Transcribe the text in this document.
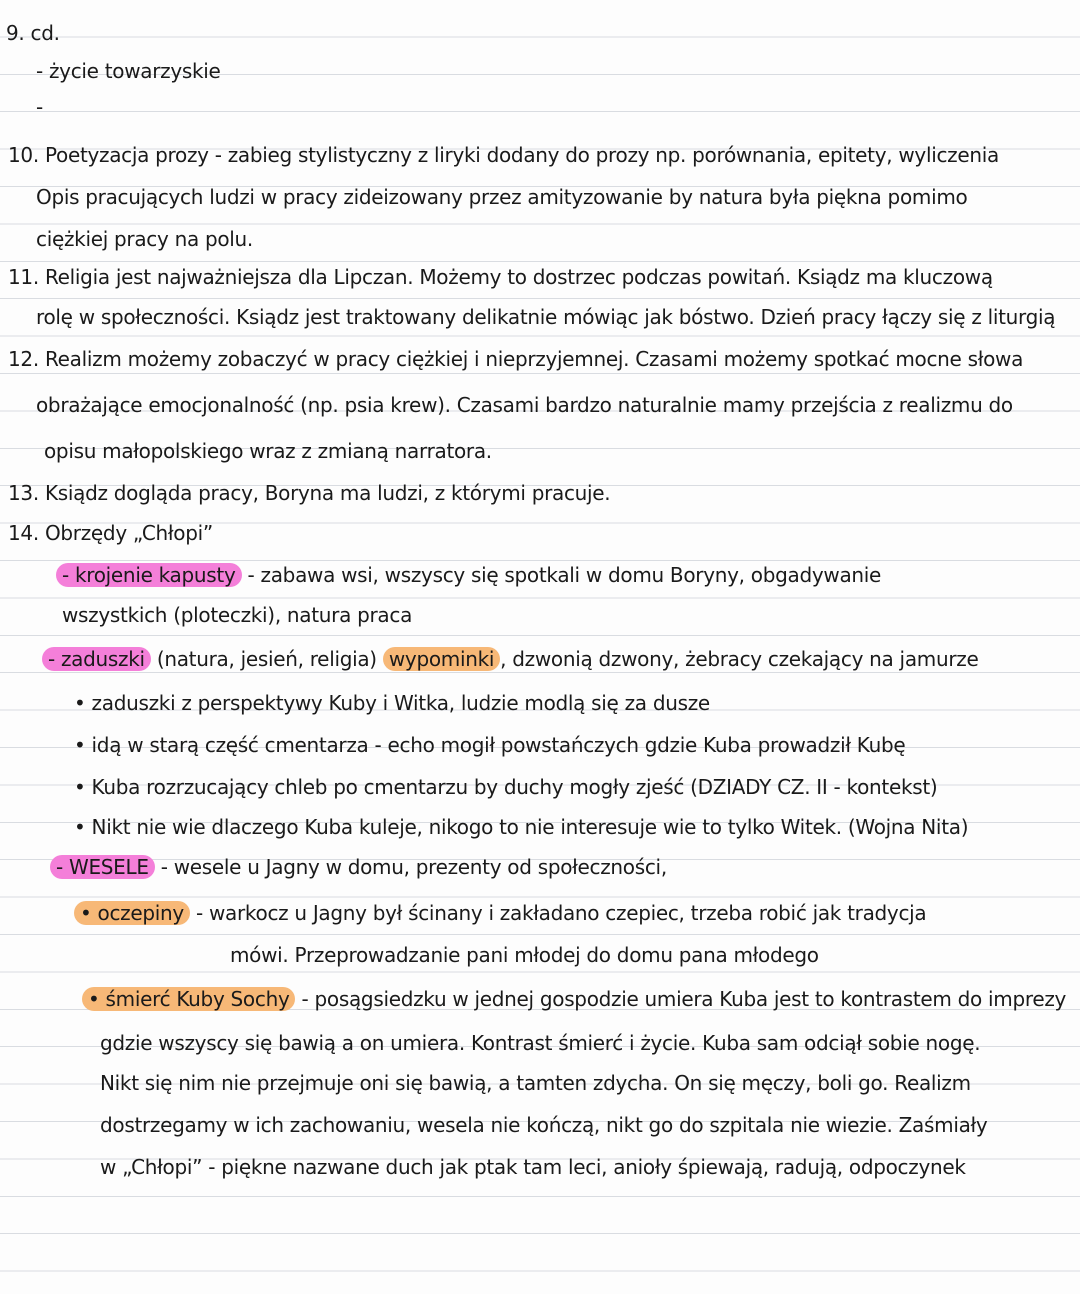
9. cd.
- życie towarzyskie
-
10. Poetyzacja prozy - zabieg stylistyczny z liryki dodany do prozy np. porównania, epitety, wyliczenia
Opis pracujących ludzi w pracy zideizowany przez amityzowanie by natura była piękna pomimo
ciężkiej pracy na polu.
11. Religia jest najważniejsza dla Lipczan. Możemy to dostrzec podczas powitań. Ksiądz ma kluczową
rolę w społeczności. Ksiądz jest traktowany delikatnie mówiąc jak bóstwo. Dzień pracy łączy się z liturgią
12. Realizm możemy zobaczyć w pracy ciężkiej i nieprzyjemnej. Czasami możemy spotkać mocne słowa
obrażające emocjonalność (np. psia krew). Czasami bardzo naturalnie mamy przejścia z realizmu do
opisu małopolskiego wraz z zmianą narratora.
13. Ksiądz dogląda pracy, Boryna ma ludzi, z którymi pracuje.
14. Obrzędy „Chłopi”
- krojenie kapusty - zabawa wsi, wszyscy się spotkali w domu Boryny, obgadywanie
wszystkich (ploteczki), natura praca
- zaduszki (natura, jesień, religia) wypominki , dzwonią dzwony, żebracy czekający na jamurze
• zaduszki z perspektywy Kuby i Witka, ludzie modlą się za dusze
• idą w starą część cmentarza - echo mogił powstańczych gdzie Kuba prowadził Kubę
• Kuba rozrzucający chleb po cmentarzu by duchy mogły zjeść (DZIADY CZ. II - kontekst)
• Nikt nie wie dlaczego Kuba kuleje, nikogo to nie interesuje wie to tylko Witek. (Wojna Nita)
- WESELE - wesele u Jagny w domu, prezenty od społeczności,
• oczepiny - warkocz u Jagny był ścinany i zakładano czepiec, trzeba robić jak tradycja
mówi. Przeprowadzanie pani młodej do domu pana młodego
• śmierć Kuby Sochy - posągsiedzku w jednej gospodzie umiera Kuba jest to kontrastem do imprezy
gdzie wszyscy się bawią a on umiera. Kontrast śmierć i życie. Kuba sam odciął sobie nogę.
Nikt się nim nie przejmuje oni się bawią, a tamten zdycha. On się męczy, boli go. Realizm
dostrzegamy w ich zachowaniu, wesela nie kończą, nikt go do szpitala nie wiezie. Zaśmiały
w „Chłopi” - piękne nazwane duch jak ptak tam leci, anioły śpiewają, radują, odpoczynek
